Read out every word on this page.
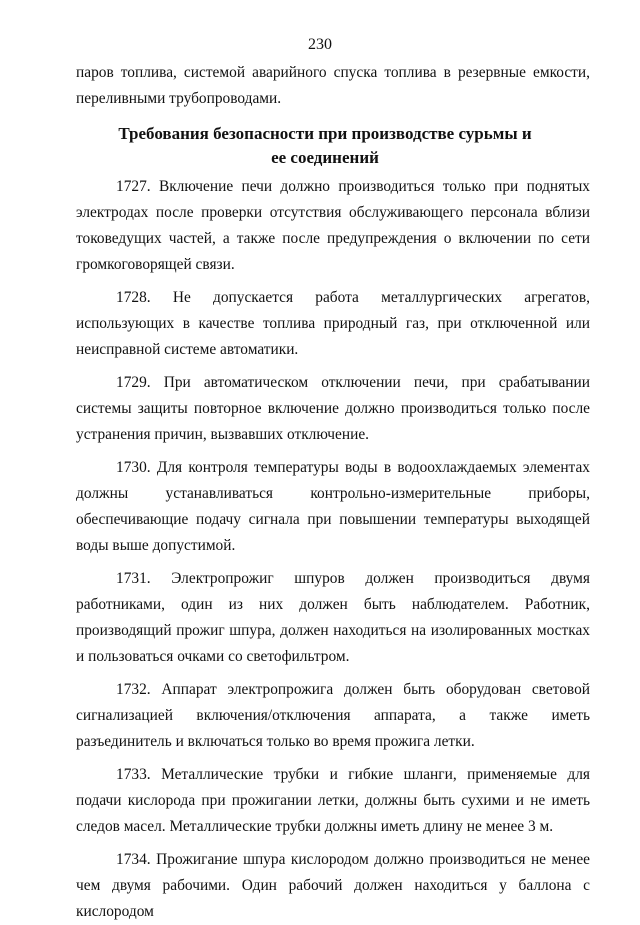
230

паров топлива, системой аварийного спуска топлива в резервные емкости, переливными трубопроводами.

Требования безопасности при производстве сурьмы и ее соединений

1727. Включение печи должно производиться только при поднятых электродах после проверки отсутствия обслуживающего персонала вблизи токоведущих частей, а также после предупреждения о включении по сети громкоговорящей связи.

1728. Не допускается работа металлургических агрегатов, использующих в качестве топлива природный газ, при отключенной или неисправной системе автоматики.

1729. При автоматическом отключении печи, при срабатывании системы защиты повторное включение должно производиться только после устранения причин, вызвавших отключение.

1730. Для контроля температуры воды в водоохлаждаемых элементах должны устанавливаться контрольно-измерительные приборы, обеспечивающие подачу сигнала при повышении температуры выходящей воды выше допустимой.

1731. Электропрожиг шпуров должен производиться двумя работниками, один из них должен быть наблюдателем. Работник, производящий прожиг шпура, должен находиться на изолированных мостках и пользоваться очками со светофильтром.

1732. Аппарат электропрожига должен быть оборудован световой сигнализацией включения/отключения аппарата, а также иметь разъединитель и включаться только во время прожига летки.

1733. Металлические трубки и гибкие шланги, применяемые для подачи кислорода при прожигании летки, должны быть сухими и не иметь следов масел. Металлические трубки должны иметь длину не менее 3 м.

1734. Прожигание шпура кислородом должно производиться не менее чем двумя рабочими. Один рабочий должен находиться у баллона с кислородом
